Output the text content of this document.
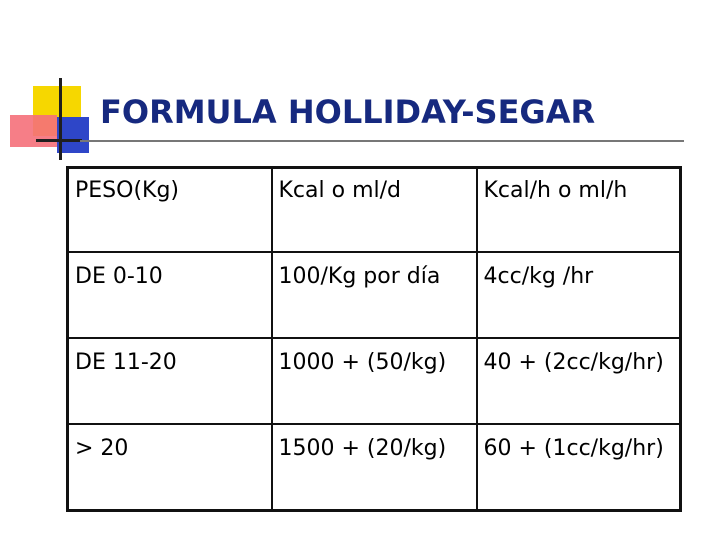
FORMULA HOLLIDAY-SEGAR
PESO(Kg)	Kcal o ml/d	Kcal/h o ml/h
DE 0-10	100/Kg por día	4cc/kg /hr
DE 11-20	1000 + (50/kg)	40 + (2cc/kg/hr)
> 20	1500 + (20/kg)	60 + (1cc/kg/hr)
